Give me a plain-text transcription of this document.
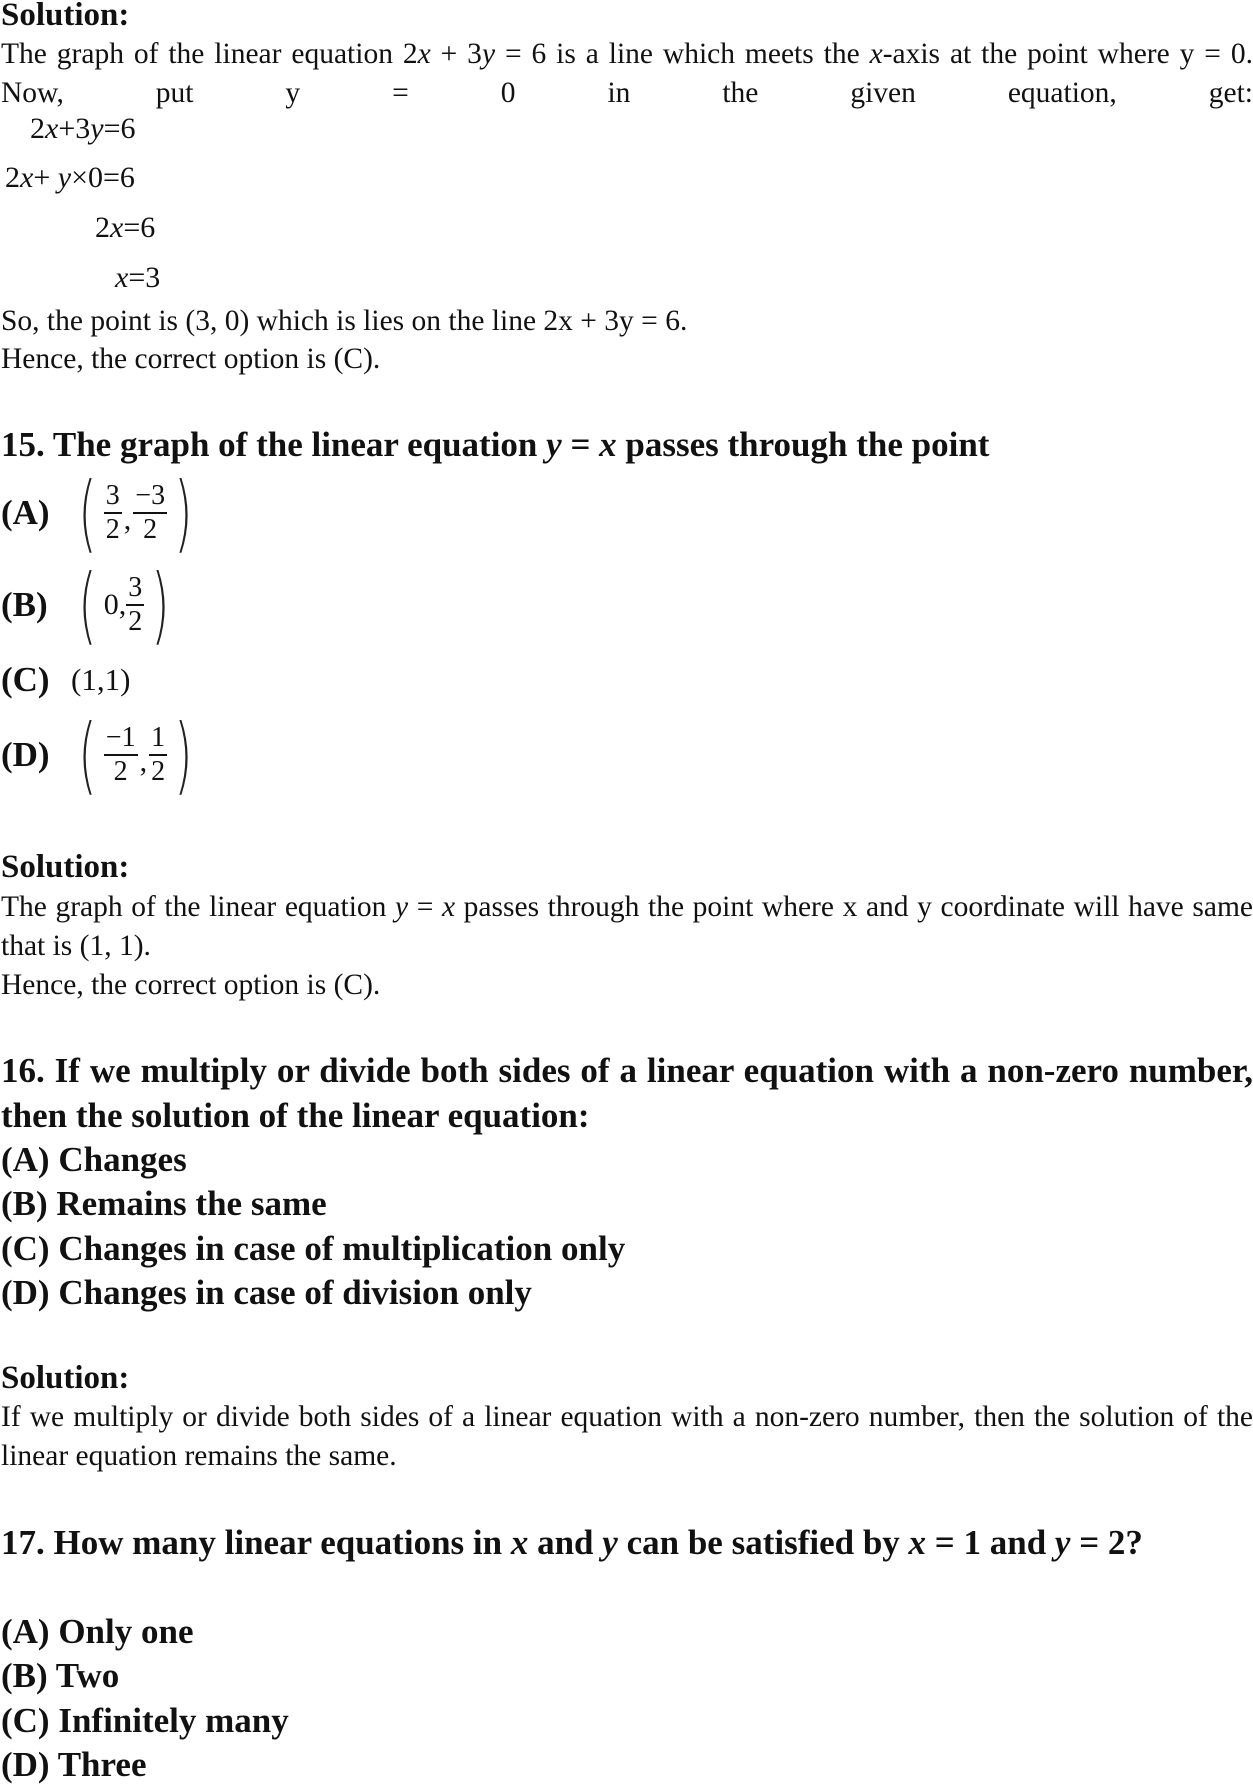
Solution:
The graph of the linear equation 2x + 3y = 6 is a line which meets the x-axis at the point where y = 0. Now, put y = 0 in the given equation, get:
2x+3y=6
2x+ y×0=6
2x=6
x=3
So, the point is (3, 0) which is lies on the line 2x + 3y = 6.
Hence, the correct option is (C).
15. The graph of the linear equation y = x passes through the point
(A) ( $\frac{3}{2}$ , $\frac{-3}{2}$ )
(B) ( 0, $\frac{3}{2}$ )
(C) (1,1)
(D) ( $\frac{-1}{2}$ , $\frac{1}{2}$ )
Solution:
The graph of the linear equation y = x passes through the point where x and y coordinate will have same that is (1, 1).
Hence, the correct option is (C).
16. If we multiply or divide both sides of a linear equation with a non-zero number, then the solution of the linear equation:
(A) Changes
(B) Remains the same
(C) Changes in case of multiplication only
(D) Changes in case of division only
Solution:
If we multiply or divide both sides of a linear equation with a non-zero number, then the solution of the linear equation remains the same.
17. How many linear equations in x and y can be satisfied by x = 1 and y = 2?
(A) Only one
(B) Two
(C) Infinitely many
(D) Three
